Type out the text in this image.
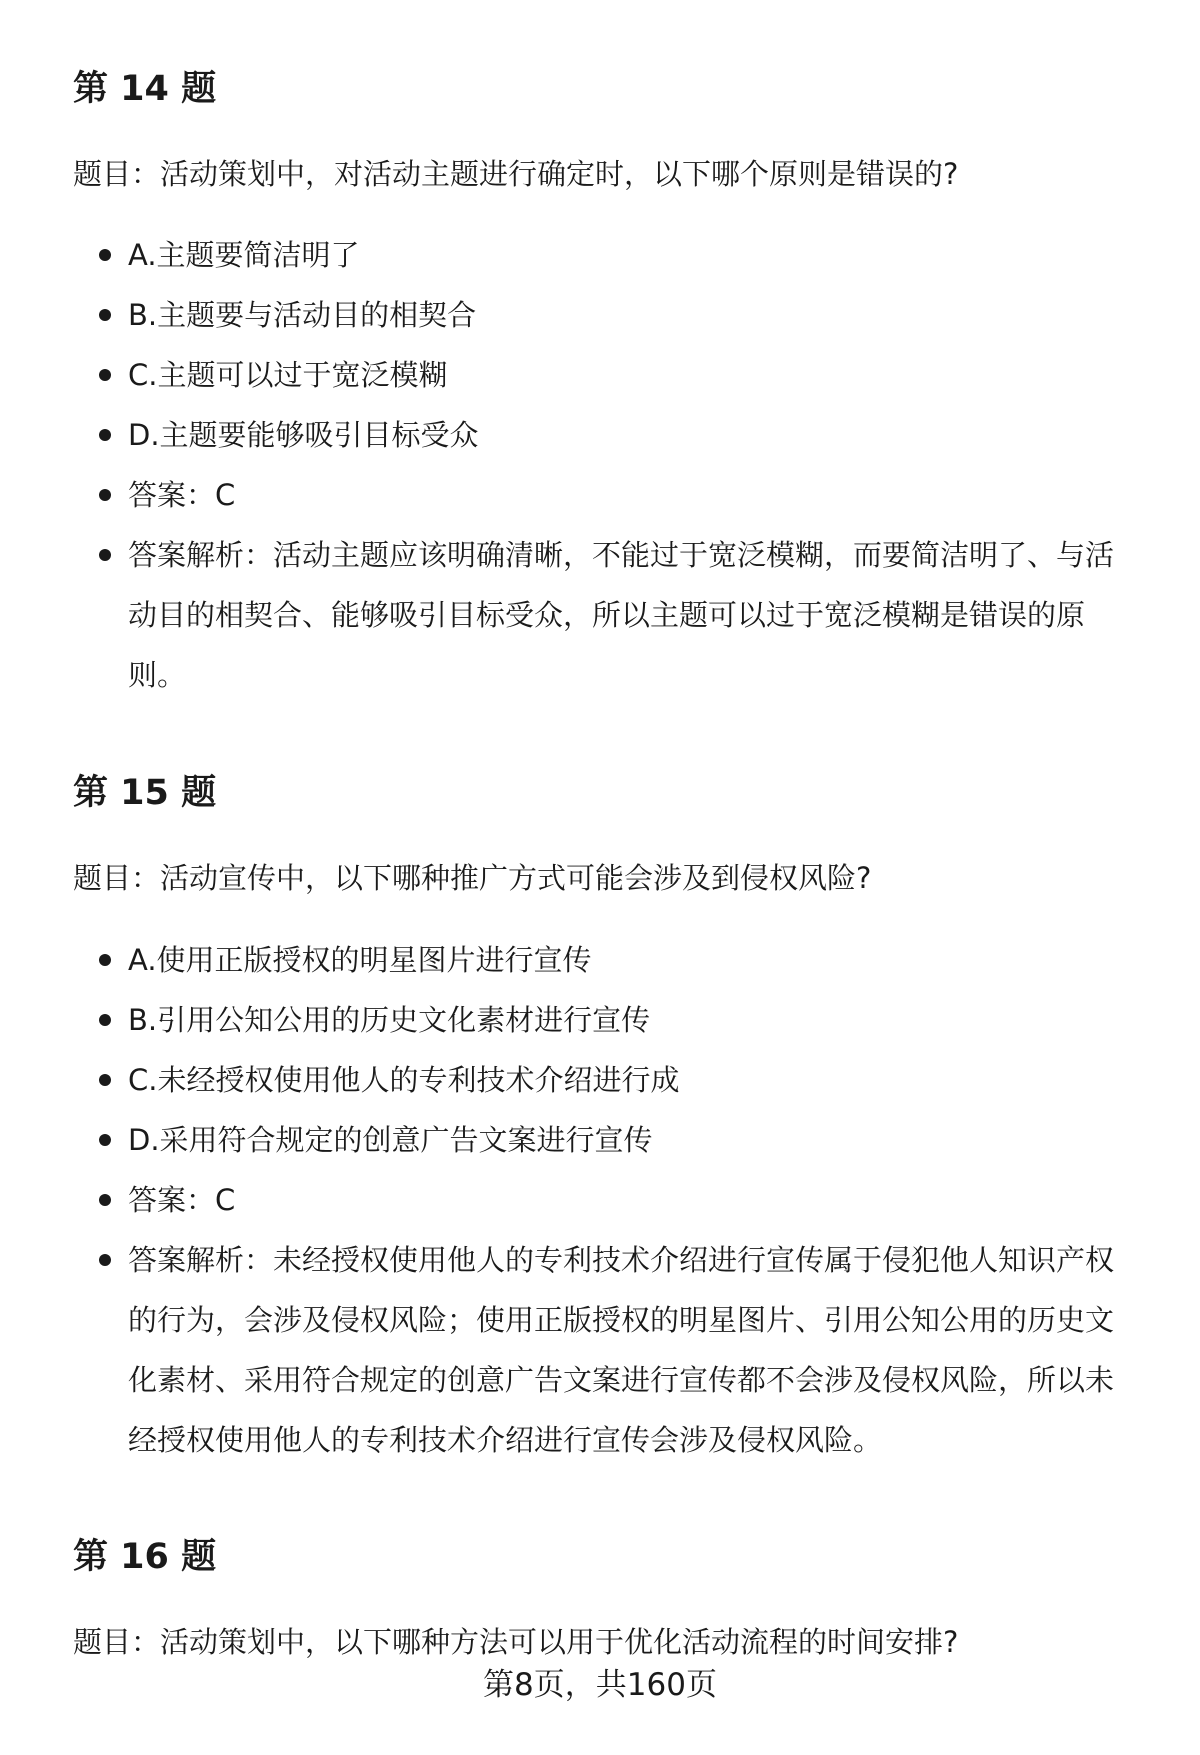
第 14 题

题目：活动策划中，对活动主题进行确定时，以下哪个原则是错误的?

A.主题要简洁明了
B.主题要与活动目的相契合
C.主题可以过于宽泛模糊
D.主题要能够吸引目标受众
答案：C
答案解析：活动主题应该明确清晰，不能过于宽泛模糊，而要简洁明了、与活动目的相契合、能够吸引目标受众，所以主题可以过于宽泛模糊是错误的原则。
第 15 题

题目：活动宣传中，以下哪种推广方式可能会涉及到侵权风险?

A.使用正版授权的明星图片进行宣传
B.引用公知公用的历史文化素材进行宣传
C.未经授权使用他人的专利技术介绍进行成
D.采用符合规定的创意广告文案进行宣传
答案：C
答案解析：未经授权使用他人的专利技术介绍进行宣传属于侵犯他人知识产权的行为，会涉及侵权风险；使用正版授权的明星图片、引用公知公用的历史文化素材、采用符合规定的创意广告文案进行宣传都不会涉及侵权风险，所以未经授权使用他人的专利技术介绍进行宣传会涉及侵权风险。
第 16 题

题目：活动策划中，以下哪种方法可以用于优化活动流程的时间安排?

第8页，共160页
